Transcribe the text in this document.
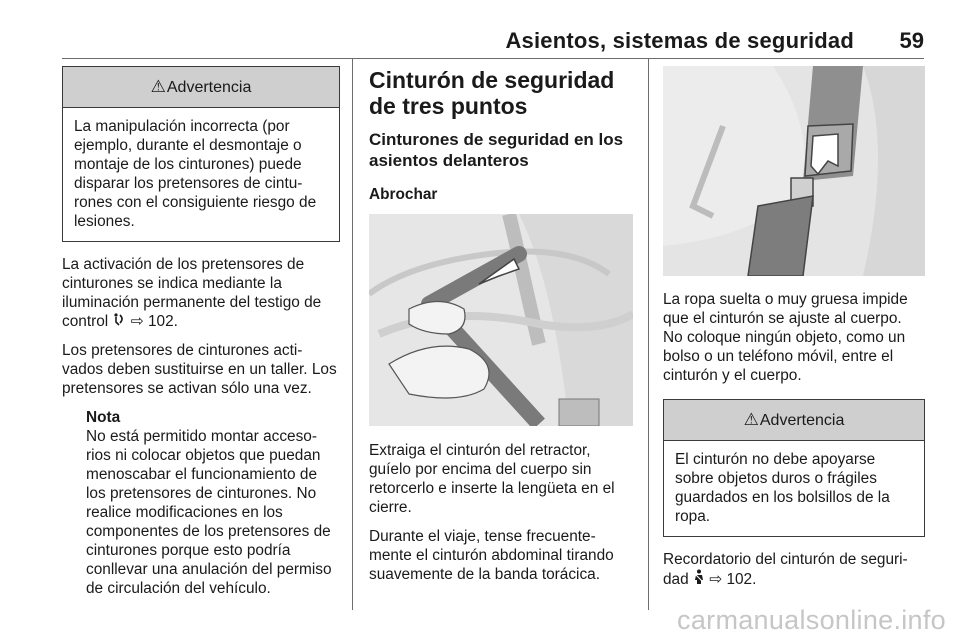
Asientos, sistemas de seguridad 59
⚠Advertencia
La manipulación incorrecta (por ejemplo, durante el desmontaje o montaje de los cinturones) puede disparar los pretensores de cintu-rones con el consiguiente riesgo de lesiones.

La activación de los pretensores de cinturones se indica mediante la iluminación permanente del testigo de control ⇨ 102.

Los pretensores de cinturones acti-vados deben sustituirse en un taller. Los pretensores se activan sólo una vez.

Nota
No está permitido montar acceso-rios ni colocar objetos que puedan menoscabar el funcionamiento de los pretensores de cinturones. No realice modificaciones en los componentes de los pretensores de cinturones porque esto podría conllevar una anulación del permiso de circulación del vehículo.
Cinturón de seguridad de tres puntos
Cinturones de seguridad en los asientos delanteros
Abrochar

Extraiga el cinturón del retractor, guíelo por encima del cuerpo sin retorcerlo e inserte la lengüeta en el cierre.

Durante el viaje, tense frecuente-mente el cinturón abdominal tirando suavemente de la banda torácica.

La ropa suelta o muy gruesa impide que el cinturón se ajuste al cuerpo. No coloque ningún objeto, como un bolso o un teléfono móvil, entre el cinturón y el cuerpo.

⚠Advertencia
El cinturón no debe apoyarse sobre objetos duros o frágiles guardados en los bolsillos de la ropa.

Recordatorio del cinturón de seguri-dad ⇨ 102.

carmanualsonline.info
